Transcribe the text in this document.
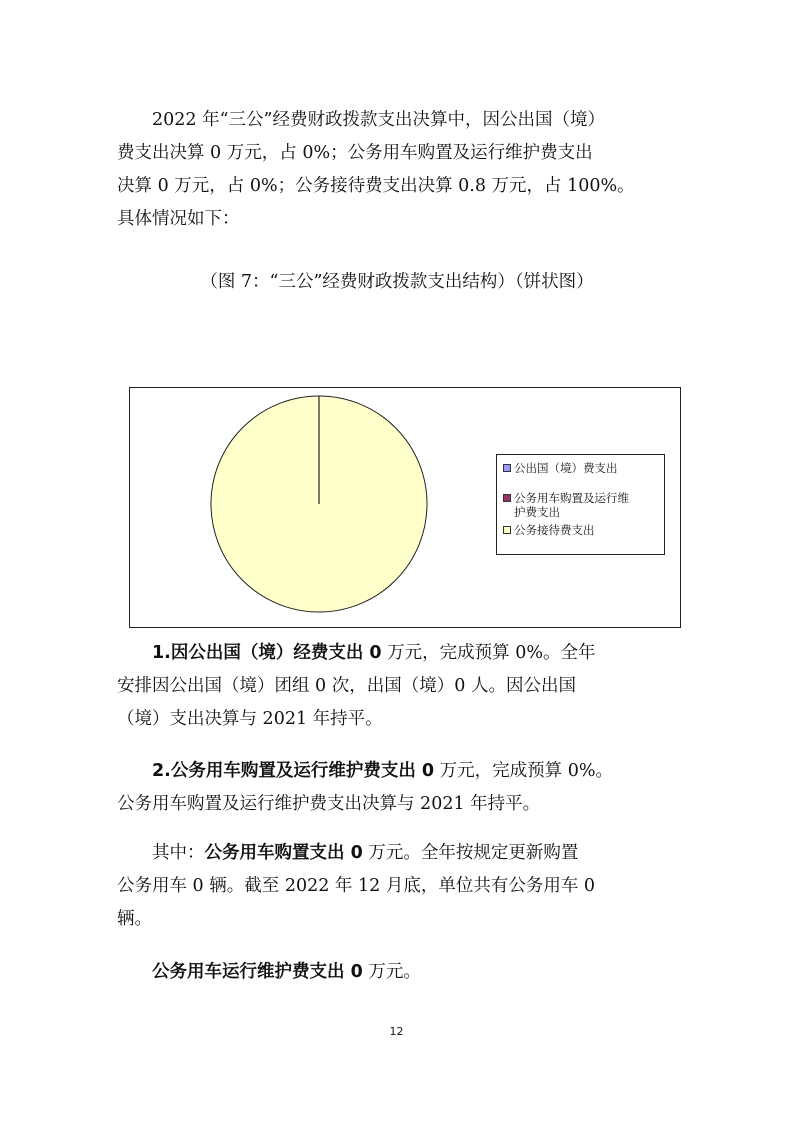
2022 年“三公”经费财政拨款支出决算中，因公出国（境）
费支出决算 0 万元，占 0%；公务用车购置及运行维护费支出
决算 0 万元，占 0%；公务接待费支出决算 0.8 万元，占 100%。
具体情况如下：
（图 7：“三公”经费财政拨款支出结构）（饼状图）
公出国（境）费支出
公务用车购置及运行维
护费支出
公务接待费支出
1.因公出国（境）经费支出 0 万元，完成预算 0%。全年
安排因公出国（境）团组 0 次，出国（境）0 人。因公出国
（境）支出决算与 2021 年持平。
2.公务用车购置及运行维护费支出 0 万元，完成预算 0%。
公务用车购置及运行维护费支出决算与 2021 年持平。
其中：公务用车购置支出 0 万元。全年按规定更新购置
公务用车 0 辆。截至 2022 年 12 月底，单位共有公务用车 0
辆。
公务用车运行维护费支出 0 万元。
12
